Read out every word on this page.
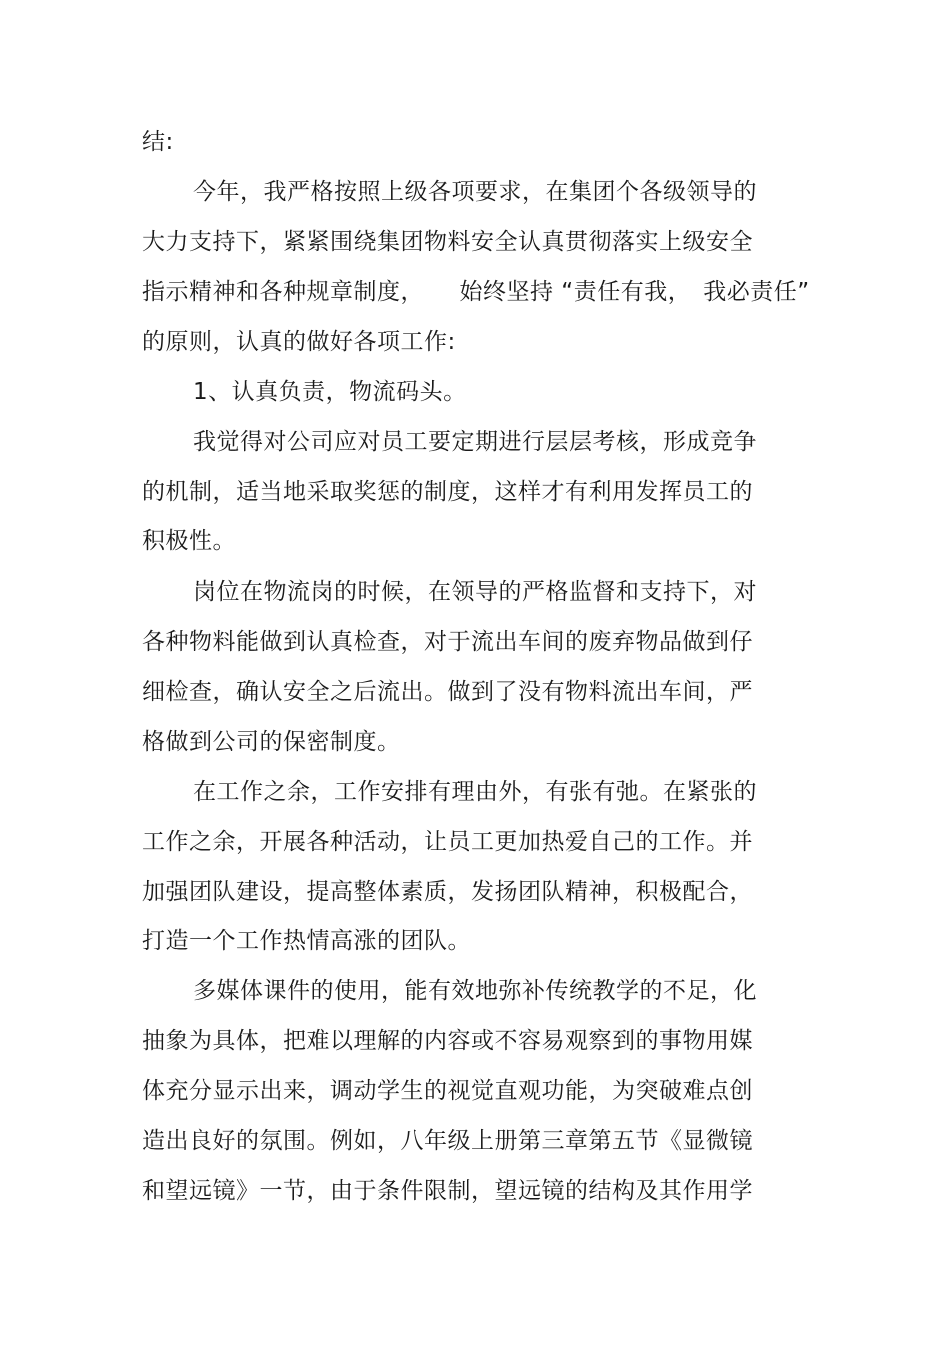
结:
今年，我严格按照上级各项要求，在集团个各级领导的
大力支持下，紧紧围绕集团物料安全认真贯彻落实上级安全
指示精神和各种规章制度，　　始终坚持 “责任有我，　我必责任”
的原则，认真的做好各项工作:
1、认真负责，物流码头。
我觉得对公司应对员工要定期进行层层考核，形成竞争
的机制，适当地采取奖惩的制度，这样才有利用发挥员工的
积极性。
岗位在物流岗的时候，在领导的严格监督和支持下，对
各种物料能做到认真检查，对于流出车间的废弃物品做到仔
细检查，确认安全之后流出。做到了没有物料流出车间，严
格做到公司的保密制度。
在工作之余，工作安排有理由外，有张有弛。在紧张的
工作之余，开展各种活动，让员工更加热爱自己的工作。并
加强团队建设，提高整体素质，发扬团队精神，积极配合，
打造一个工作热情高涨的团队。
多媒体课件的使用，能有效地弥补传统教学的不足，化
抽象为具体，把难以理解的内容或不容易观察到的事物用媒
体充分显示出来，调动学生的视觉直观功能，为突破难点创
造出良好的氛围。例如，八年级上册第三章第五节《显微镜
和望远镜》一节，由于条件限制，望远镜的结构及其作用学
